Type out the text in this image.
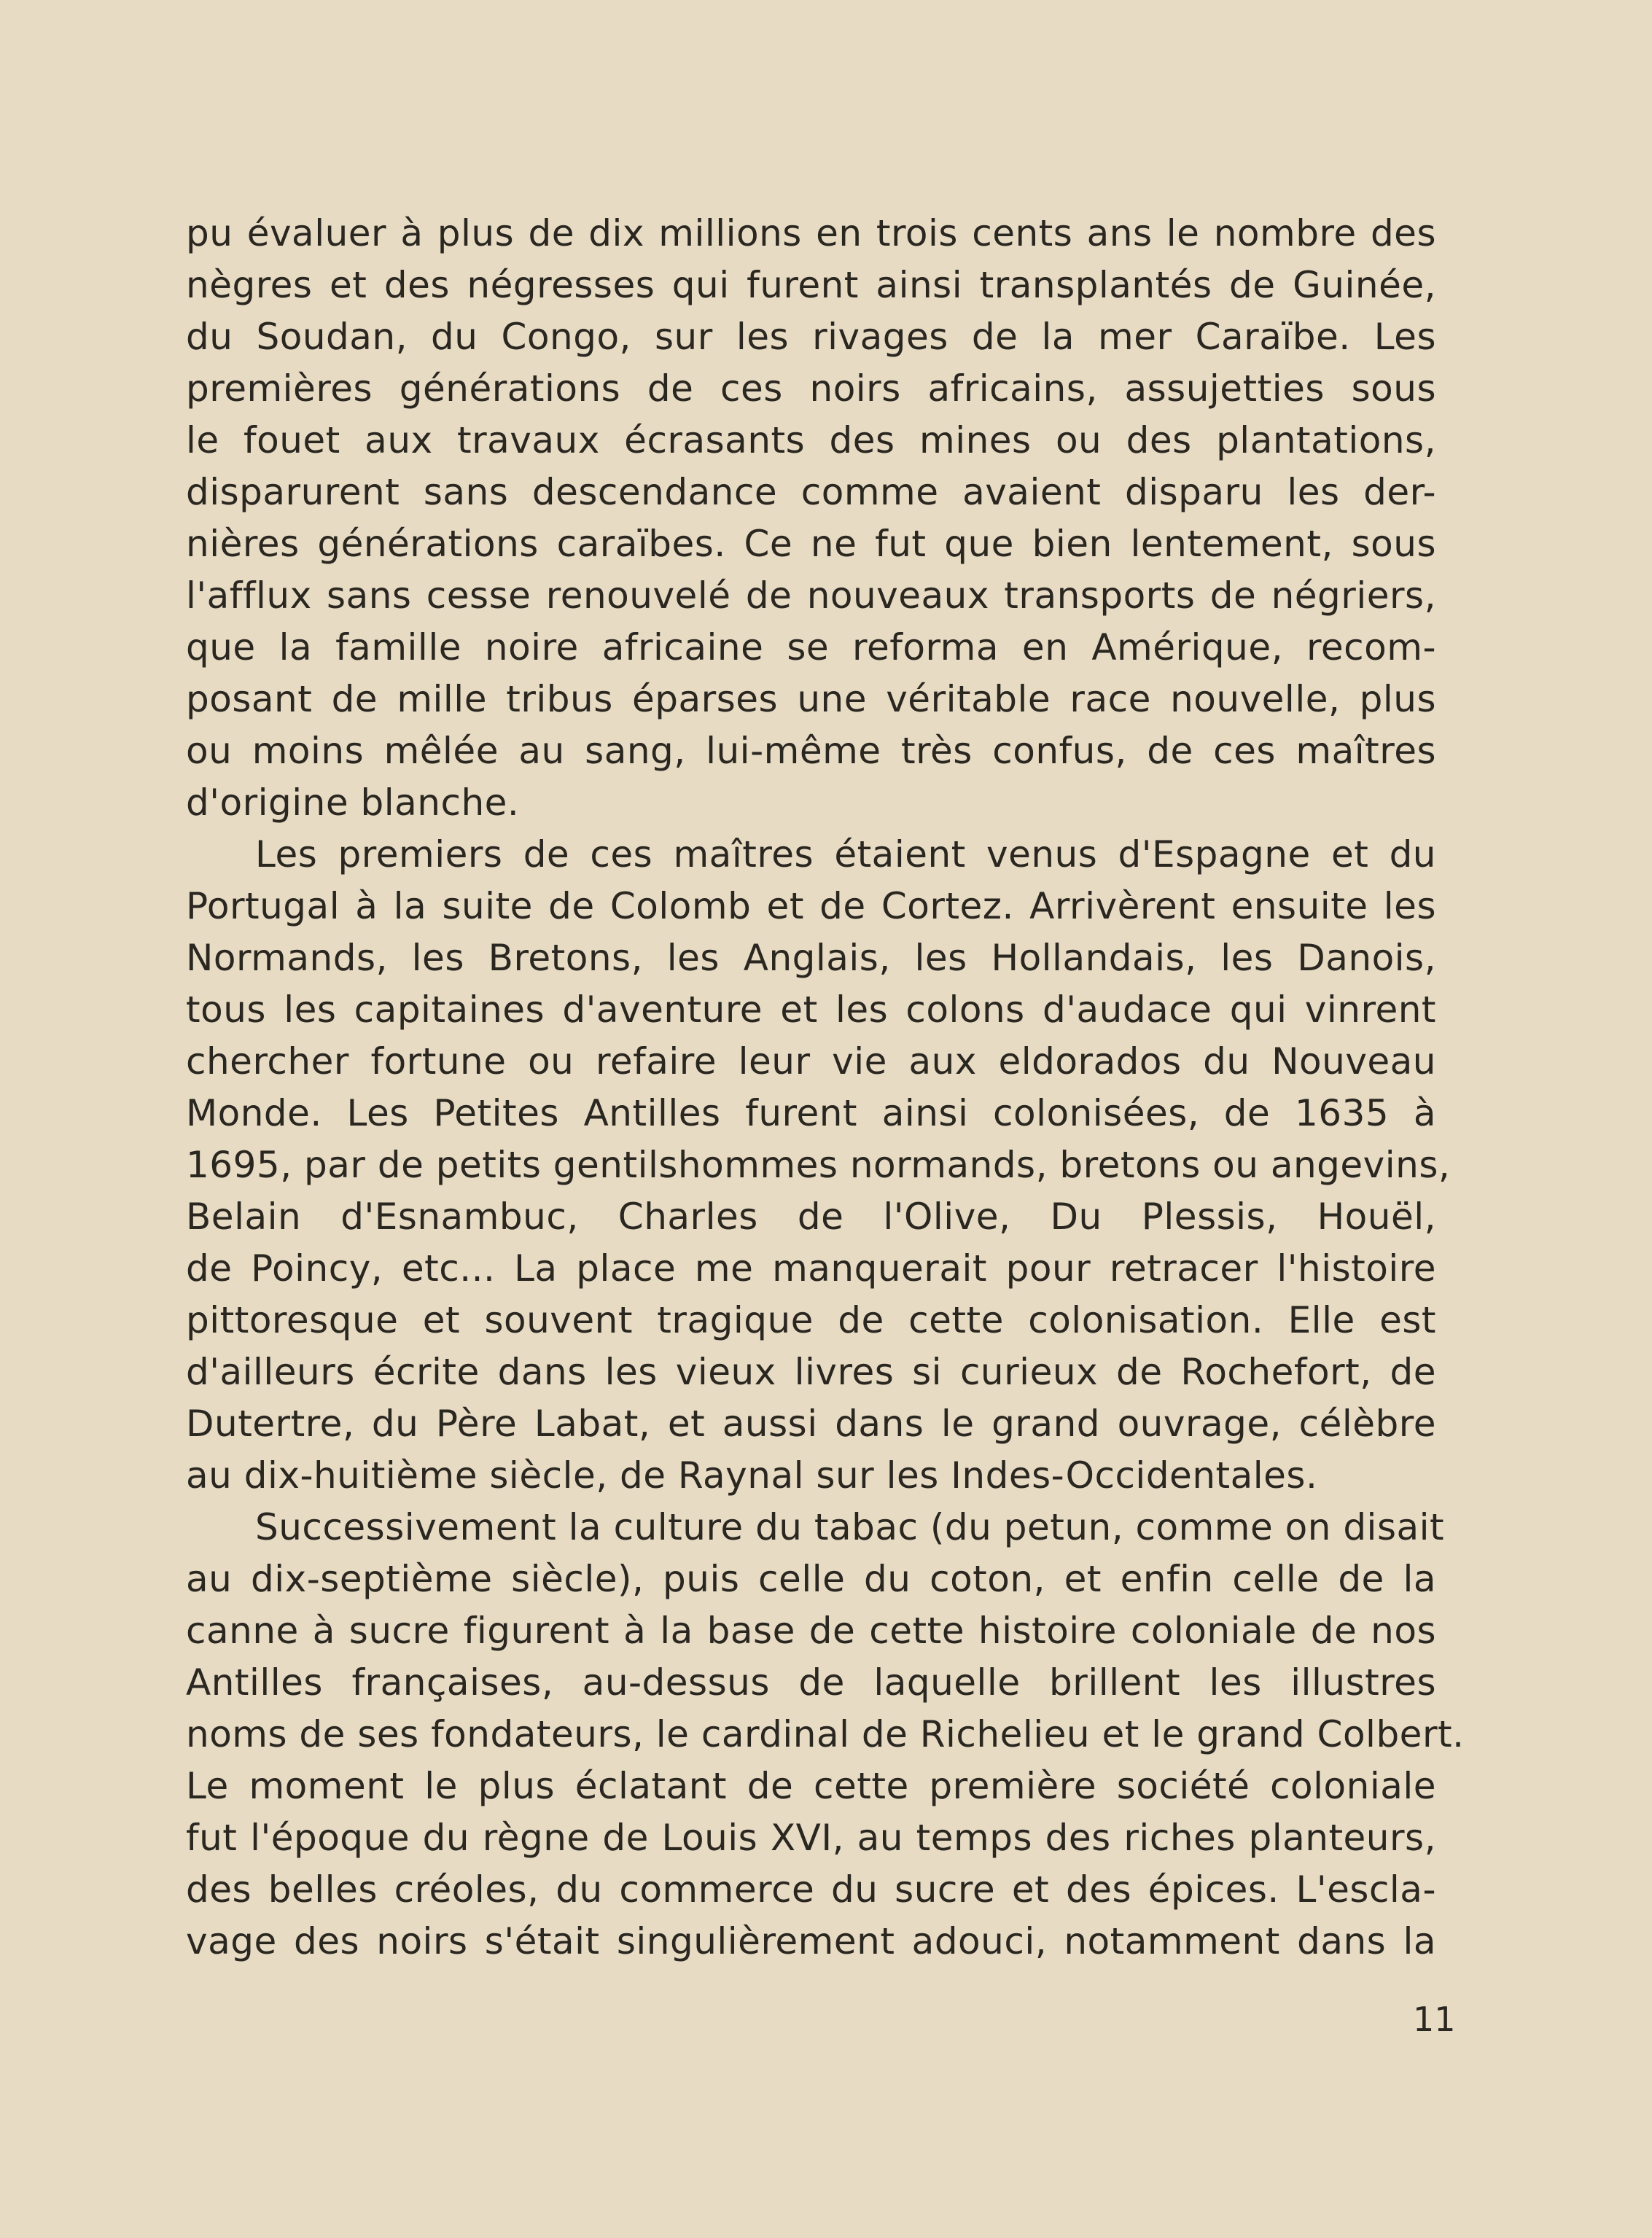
pu évaluer à plus de dix millions en trois cents ans le nombre des
nègres et des négresses qui furent ainsi transplantés de Guinée,
du Soudan, du Congo, sur les rivages de la mer Caraïbe. Les
premières générations de ces noirs africains, assujetties sous
le fouet aux travaux écrasants des mines ou des plantations,
disparurent sans descendance comme avaient disparu les der-
nières générations caraïbes. Ce ne fut que bien lentement, sous
l'afflux sans cesse renouvelé de nouveaux transports de négriers,
que la famille noire africaine se reforma en Amérique, recom-
posant de mille tribus éparses une véritable race nouvelle, plus
ou moins mêlée au sang, lui-même très confus, de ces maîtres
d'origine blanche.
Les premiers de ces maîtres étaient venus d'Espagne et du
Portugal à la suite de Colomb et de Cortez. Arrivèrent ensuite les
Normands, les Bretons, les Anglais, les Hollandais, les Danois,
tous les capitaines d'aventure et les colons d'audace qui vinrent
chercher fortune ou refaire leur vie aux eldorados du Nouveau
Monde. Les Petites Antilles furent ainsi colonisées, de 1635 à
1695, par de petits gentilshommes normands, bretons ou angevins,
Belain d'Esnambuc, Charles de l'Olive, Du Plessis, Houël,
de Poincy, etc... La place me manquerait pour retracer l'histoire
pittoresque et souvent tragique de cette colonisation. Elle est
d'ailleurs écrite dans les vieux livres si curieux de Rochefort, de
Dutertre, du Père Labat, et aussi dans le grand ouvrage, célèbre
au dix-huitième siècle, de Raynal sur les Indes-Occidentales.
Successivement la culture du tabac (du petun, comme on disait
au dix-septième siècle), puis celle du coton, et enfin celle de la
canne à sucre figurent à la base de cette histoire coloniale de nos
Antilles françaises, au-dessus de laquelle brillent les illustres
noms de ses fondateurs, le cardinal de Richelieu et le grand Colbert.
Le moment le plus éclatant de cette première société coloniale
fut l'époque du règne de Louis XVI, au temps des riches planteurs,
des belles créoles, du commerce du sucre et des épices. L'escla-
vage des noirs s'était singulièrement adouci, notamment dans la
11
